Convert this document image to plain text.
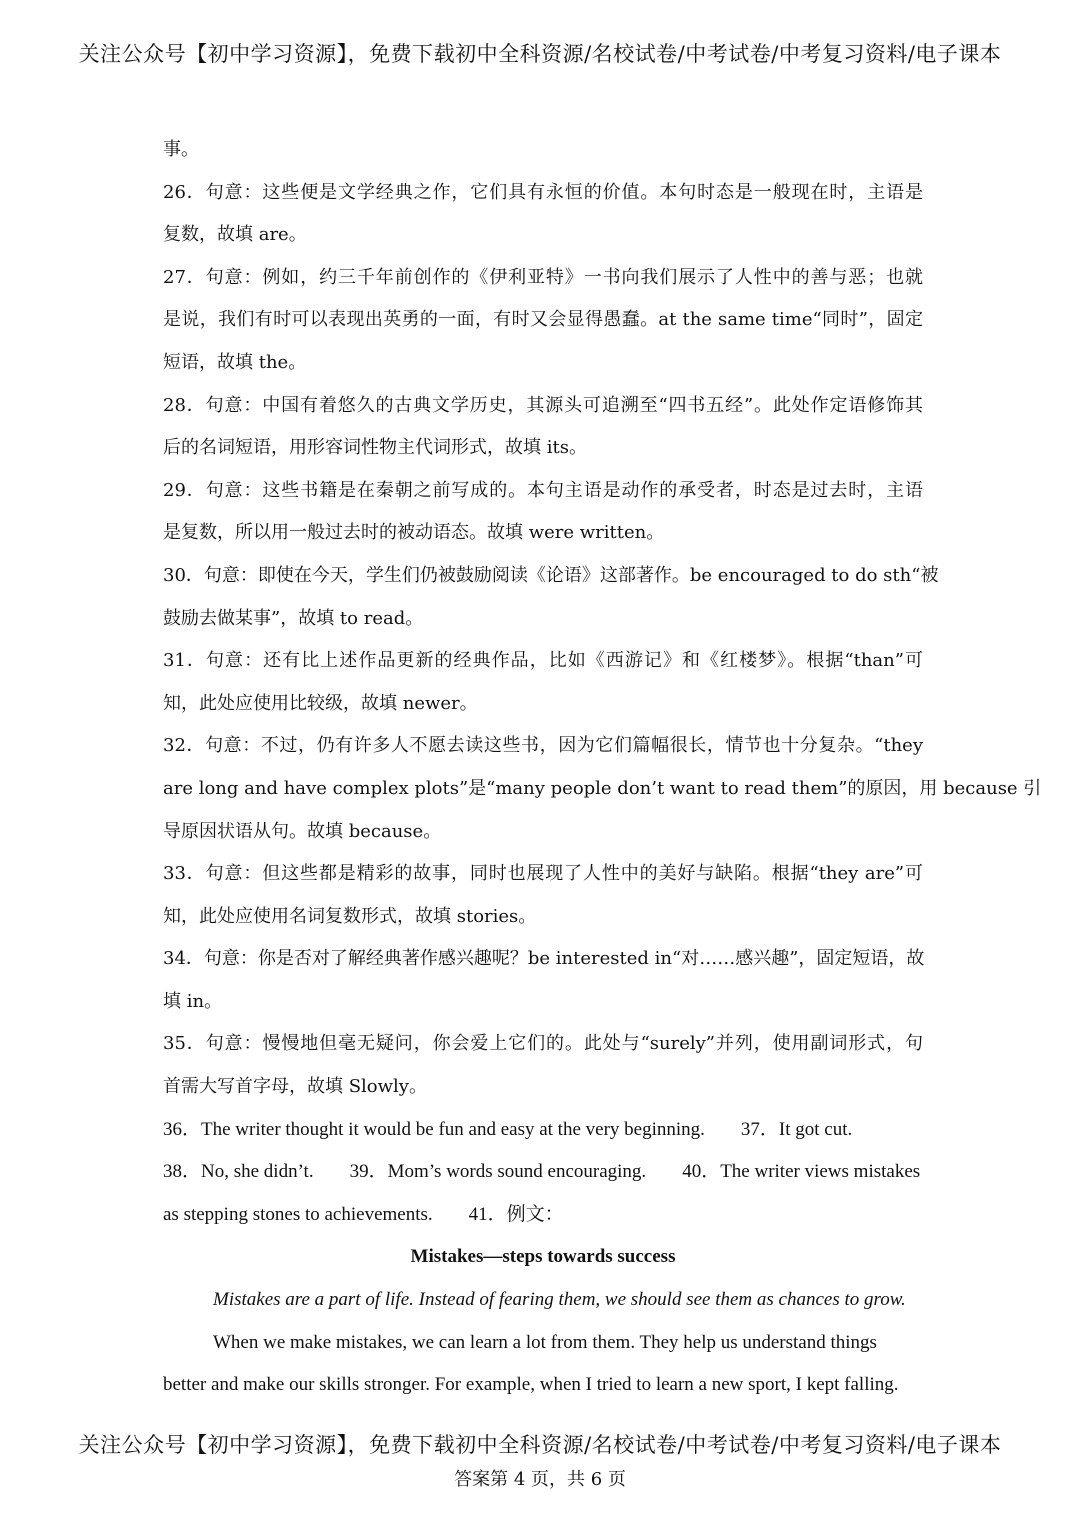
关注公众号【初中学习资源】，免费下载初中全科资源/名校试卷/中考试卷/中考复习资料/电子课本
事。
26．句意：这些便是文学经典之作，它们具有永恒的价值。本句时态是一般现在时，主语是
复数，故填 are。
27．句意：例如，约三千年前创作的《伊利亚特》一书向我们展示了人性中的善与恶；也就
是说，我们有时可以表现出英勇的一面，有时又会显得愚蠢。at the same time“同时”，固定
短语，故填 the。
28．句意：中国有着悠久的古典文学历史，其源头可追溯至“四书五经”。此处作定语修饰其
后的名词短语，用形容词性物主代词形式，故填 its。
29．句意：这些书籍是在秦朝之前写成的。本句主语是动作的承受者，时态是过去时，主语
是复数，所以用一般过去时的被动语态。故填 were written。
30．句意：即使在今天，学生们仍被鼓励阅读《论语》这部著作。be encouraged to do sth“被
鼓励去做某事”，故填 to read。
31．句意：还有比上述作品更新的经典作品，比如《西游记》和《红楼梦》。根据“than”可
知，此处应使用比较级，故填 newer。
32．句意：不过，仍有许多人不愿去读这些书，因为它们篇幅很长，情节也十分复杂。“they
are long and have complex plots”是“many people don’t want to read them”的原因，用 because 引
导原因状语从句。故填 because。
33．句意：但这些都是精彩的故事，同时也展现了人性中的美好与缺陷。根据“they are”可
知，此处应使用名词复数形式，故填 stories。
34．句意：你是否对了解经典著作感兴趣呢？be interested in“对……感兴趣”，固定短语，故
填 in。
35．句意：慢慢地但毫无疑问，你会爱上它们的。此处与“surely”并列，使用副词形式，句
首需大写首字母，故填 Slowly。
36．The writer thought it would be fun and easy at the very beginning. 37．It got cut.
38．No, she didn’t. 39．Mom’s words sound encouraging. 40．The writer views mistakes
as stepping stones to achievements. 41．例文：
Mistakes—steps towards success
Mistakes are a part of life. Instead of fearing them, we should see them as chances to grow.
When we make mistakes, we can learn a lot from them. They help us understand things
better and make our skills stronger. For example, when I tried to learn a new sport, I kept falling.
关注公众号【初中学习资源】，免费下载初中全科资源/名校试卷/中考试卷/中考复习资料/电子课本
答案第 4 页，共 6 页
